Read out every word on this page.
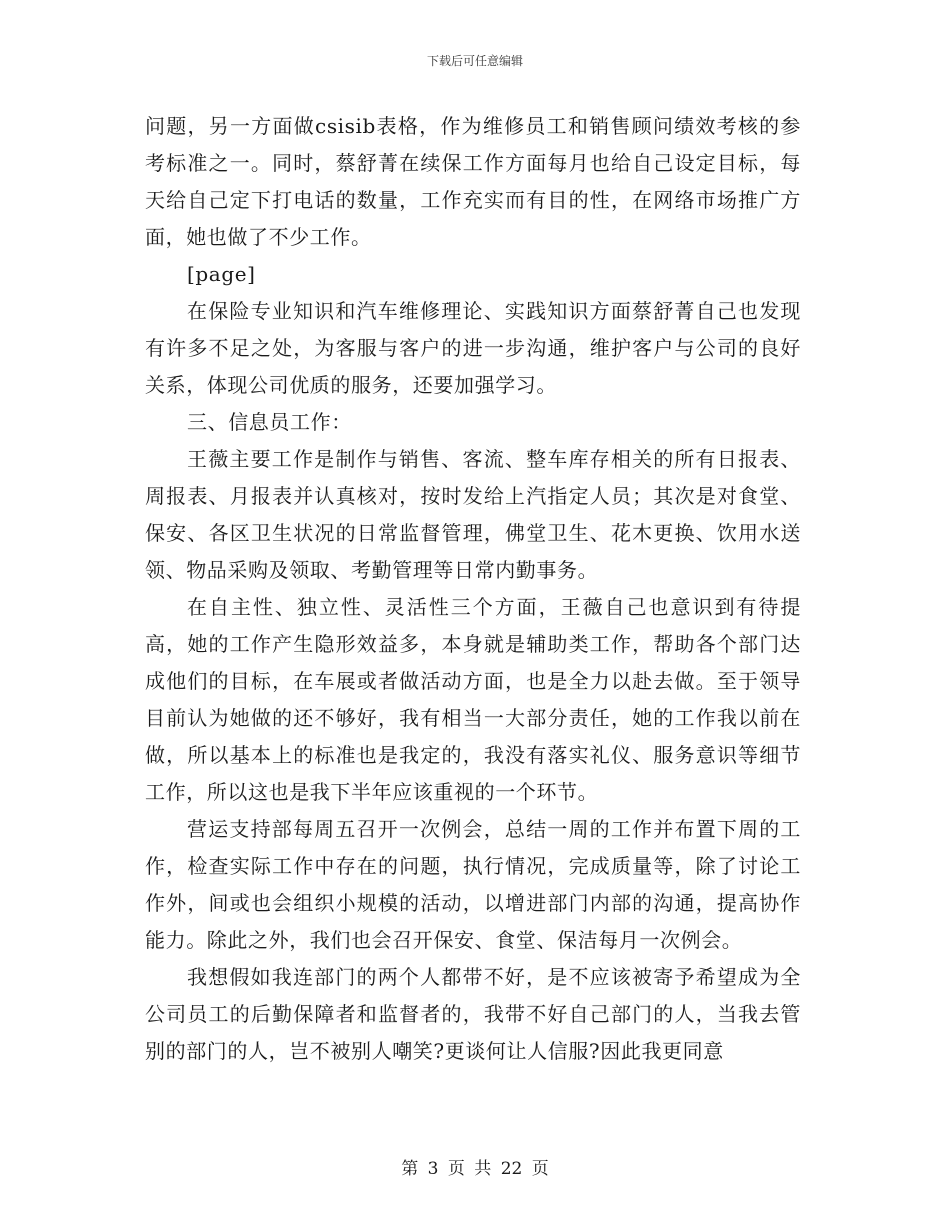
下载后可任意编辑

问题，另一方面做csisib表格，作为维修员工和销售顾问绩效考核的参考标准之一。同时，蔡舒菁在续保工作方面每月也给自己设定目标，每天给自己定下打电话的数量，工作充实而有目的性，在网络市场推广方面，她也做了不少工作。

[page]

在保险专业知识和汽车维修理论、实践知识方面蔡舒菁自己也发现有许多不足之处，为客服与客户的进一步沟通，维护客户与公司的良好关系，体现公司优质的服务，还要加强学习。

三、信息员工作：

王薇主要工作是制作与销售、客流、整车库存相关的所有日报表、周报表、月报表并认真核对，按时发给上汽指定人员；其次是对食堂、保安、各区卫生状况的日常监督管理，佛堂卫生、花木更换、饮用水送领、物品采购及领取、考勤管理等日常内勤事务。

在自主性、独立性、灵活性三个方面，王薇自己也意识到有待提高，她的工作产生隐形效益多，本身就是辅助类工作，帮助各个部门达成他们的目标，在车展或者做活动方面，也是全力以赴去做。至于领导目前认为她做的还不够好，我有相当一大部分责任，她的工作我以前在做，所以基本上的标准也是我定的，我没有落实礼仪、服务意识等细节工作，所以这也是我下半年应该重视的一个环节。

营运支持部每周五召开一次例会，总结一周的工作并布置下周的工作，检查实际工作中存在的问题，执行情况，完成质量等，除了讨论工作外，间或也会组织小规模的活动，以增进部门内部的沟通，提高协作能力。除此之外，我们也会召开保安、食堂、保洁每月一次例会。

我想假如我连部门的两个人都带不好，是不应该被寄予希望成为全公司员工的后勤保障者和监督者的，我带不好自己部门的人，当我去管别的部门的人，岂不被别人嘲笑?更谈何让人信服?因此我更同意

第 3 页 共 22 页
